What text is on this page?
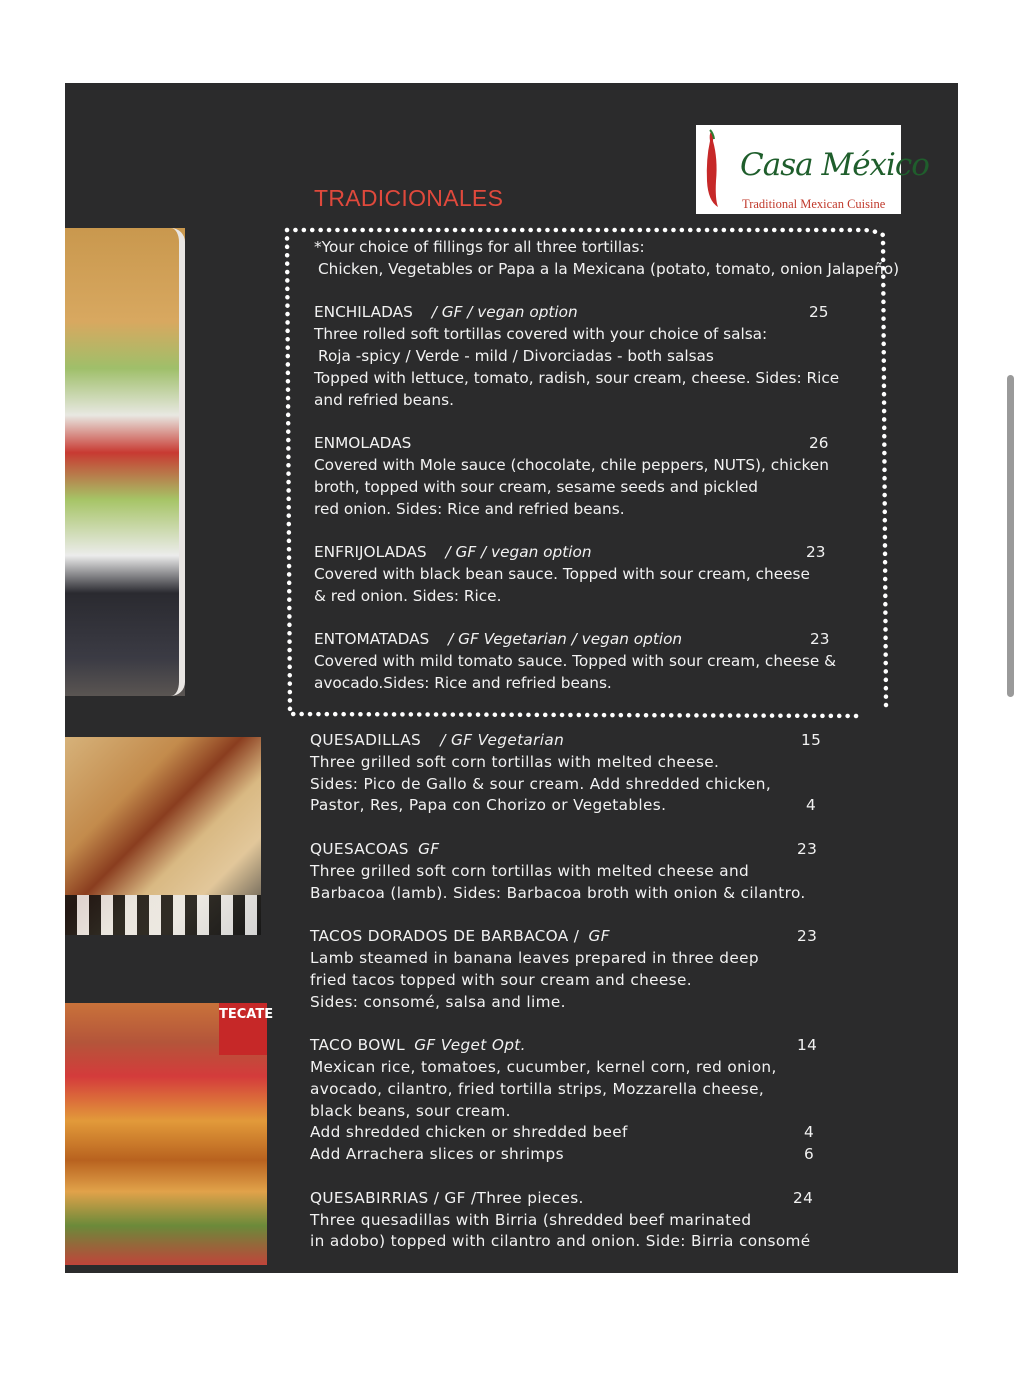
TECATE
Casa México
Traditional Mexican Cuisine
TRADICIONALES
*Your choice of fillings for all three tortillas:
Chicken, Vegetables or Papa a la Mexicana (potato, tomato, onion Jalapeño)
ENCHILADAS / GF / vegan option	25
Three rolled soft tortillas covered with your choice of salsa:
Roja -spicy / Verde - mild / Divorciadas - both salsas
Topped with lettuce, tomato, radish, sour cream, cheese. Sides: Rice
and refried beans.
ENMOLADAS	26
Covered with Mole sauce (chocolate, chile peppers, NUTS), chicken
broth, topped with sour cream, sesame seeds and pickled
red onion. Sides: Rice and refried beans.
ENFRIJOLADAS / GF / vegan option	23
Covered with black bean sauce. Topped with sour cream, cheese
& red onion. Sides: Rice.
ENTOMATADAS / GF Vegetarian / vegan option	23
Covered with mild tomato sauce. Topped with sour cream, cheese &
avocado.Sides: Rice and refried beans.
QUESADILLAS / GF Vegetarian	15
Three grilled soft corn tortillas with melted cheese.
Sides: Pico de Gallo & sour cream. Add shredded chicken,
Pastor, Res, Papa con Chorizo or Vegetables.	4
QUESACOAS GF	23
Three grilled soft corn tortillas with melted cheese and
Barbacoa (lamb). Sides: Barbacoa broth with onion & cilantro.
TACOS DORADOS DE BARBACOA / GF	23
Lamb steamed in banana leaves prepared in three deep
fried tacos topped with sour cream and cheese.
Sides: consomé, salsa and lime.
TACO BOWL GF Veget Opt.	14
Mexican rice, tomatoes, cucumber, kernel corn, red onion,
avocado, cilantro, fried tortilla strips, Mozzarella cheese,
black beans, sour cream.
Add shredded chicken or shredded beef	4
Add Arrachera slices or shrimps	6
QUESABIRRIAS / GF /Three pieces.	24
Three quesadillas with Birria (shredded beef marinated
in adobo) topped with cilantro and onion. Side: Birria consomé
